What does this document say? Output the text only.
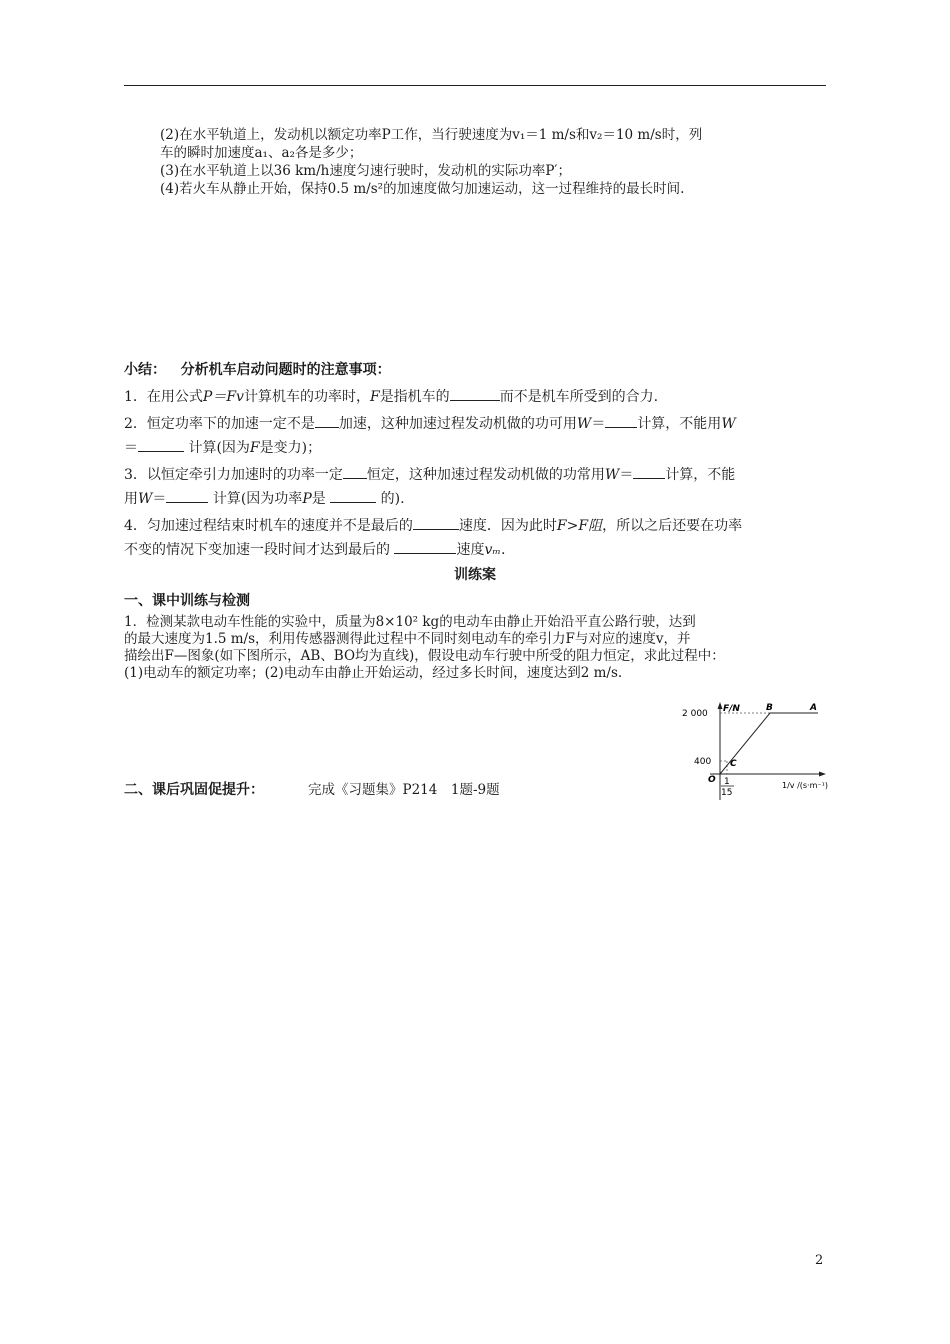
(2)在水平轨道上，发动机以额定功率P工作，当行驶速度为v₁＝1 m/s和v₂＝10 m/s时，列

车的瞬时加速度a₁、a₂各是多少；

(3)在水平轨道上以36 km/h速度匀速行驶时，发动机的实际功率P′；

(4)若火车从静止开始，保持0.5 m/s²的加速度做匀加速运动，这一过程维持的最长时间.

小结： 分析机车启动问题时的注意事项：

1．在用公式P＝Fv计算机车的功率时，F是指机车的	而不是机车所受到的合力.

2．恒定功率下的加速一定不是 加速，这种加速过程发动机做的功可用W＝ 计算，不能用W
＝	计算(因为F是变力)；

3．以恒定牵引力加速时的功率一定 恒定，这种加速过程发动机做的功常用W＝ 计算，不能
用W＝	计算(因为功率P是	的).

4．匀加速过程结束时机车的速度并不是最后的	速度．因为此时F>F阻，所以之后还要在功率
不变的情况下变加速一段时间才达到最后的	速度vₘ.

训练案
一、课中训练与检测

1．检测某款电动车性能的实验中，质量为8×10² kg的电动车由静止开始沿平直公路行驶，达到

的最大速度为1.5 m/s，利用传感器测得此过程中不同时刻电动车的牵引力F与对应的速度v，并

描绘出F—图象(如下图所示，AB、BO均为直线)，假设电动车行驶中所受的阻力恒定，求此过程中：

(1)电动车的额定功率；(2)电动车由静止开始运动，经过多长时间，速度达到2 m/s.

F/N
2 000
400
B	A
C
O 1
15
1/v /(s·m⁻¹)
二、课后巩固促提升：	完成《习题集》P214　1题-9题
2
